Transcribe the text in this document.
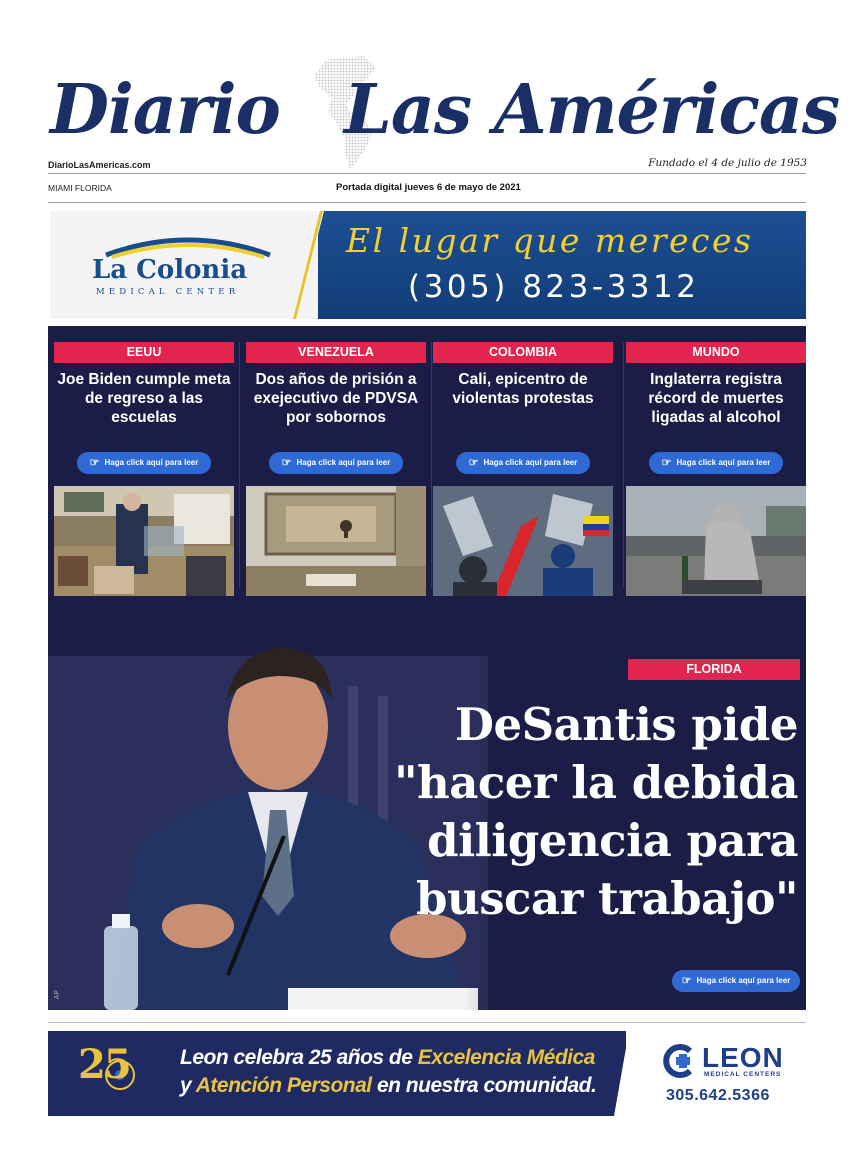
Diario Las Américas
DiarioLasAmericas.com	Fundado el 4 de julio de 1953
MIAMI FLORIDA	Portada digital jueves 6 de mayo de 2021
La Colonia
MEDICAL CENTER
El lugar que mereces
(305) 823-3312
EEUU
Joe Biden cumple meta de regreso a las escuelas
☞ Haga click aquí para leer
VENEZUELA
Dos años de prisión a exejecutivo de PDVSA por sobornos
☞ Haga click aquí para leer
COLOMBIA
Cali, epicentro de violentas protestas
☞ Haga click aquí para leer
MUNDO
Inglaterra registra récord de muertes ligadas al alcohol
☞ Haga click aquí para leer
AP
FLORIDA
DeSantis pide "hacer la debida diligencia para buscar trabajo"
☞ Haga click aquí para leer
25 Leon celebra 25 años de Excelencia Médica
y Atención Personal en nuestra comunidad.
LEON
MEDICAL CENTERS
305.642.5366
